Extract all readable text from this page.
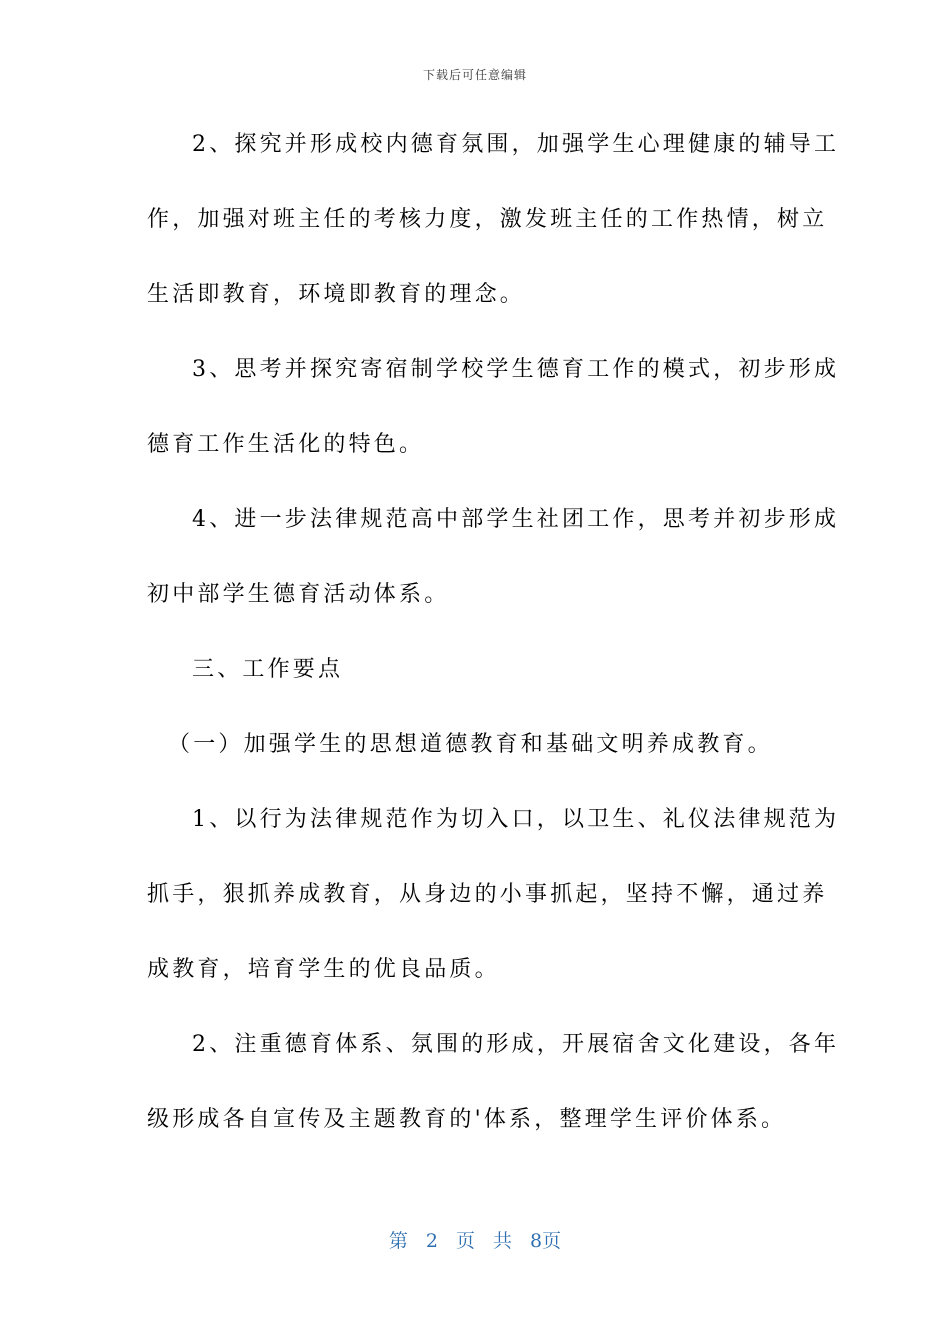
下载后可任意编辑
2、探究并形成校内德育氛围，加强学生心理健康的辅导工
作，加强对班主任的考核力度，激发班主任的工作热情，树立
生活即教育，环境即教育的理念。
3、思考并探究寄宿制学校学生德育工作的模式，初步形成
德育工作生活化的特色。
4、进一步法律规范高中部学生社团工作，思考并初步形成
初中部学生德育活动体系。
三、工作要点
（一）加强学生的思想道德教育和基础文明养成教育。
1、以行为法律规范作为切入口，以卫生、礼仪法律规范为
抓手，狠抓养成教育，从身边的小事抓起，坚持不懈，通过养
成教育，培育学生的优良品质。
2、注重德育体系、氛围的形成，开展宿舍文化建设，各年
级形成各自宣传及主题教育的'体系，整理学生评价体系。
第 2 页 共 8页
